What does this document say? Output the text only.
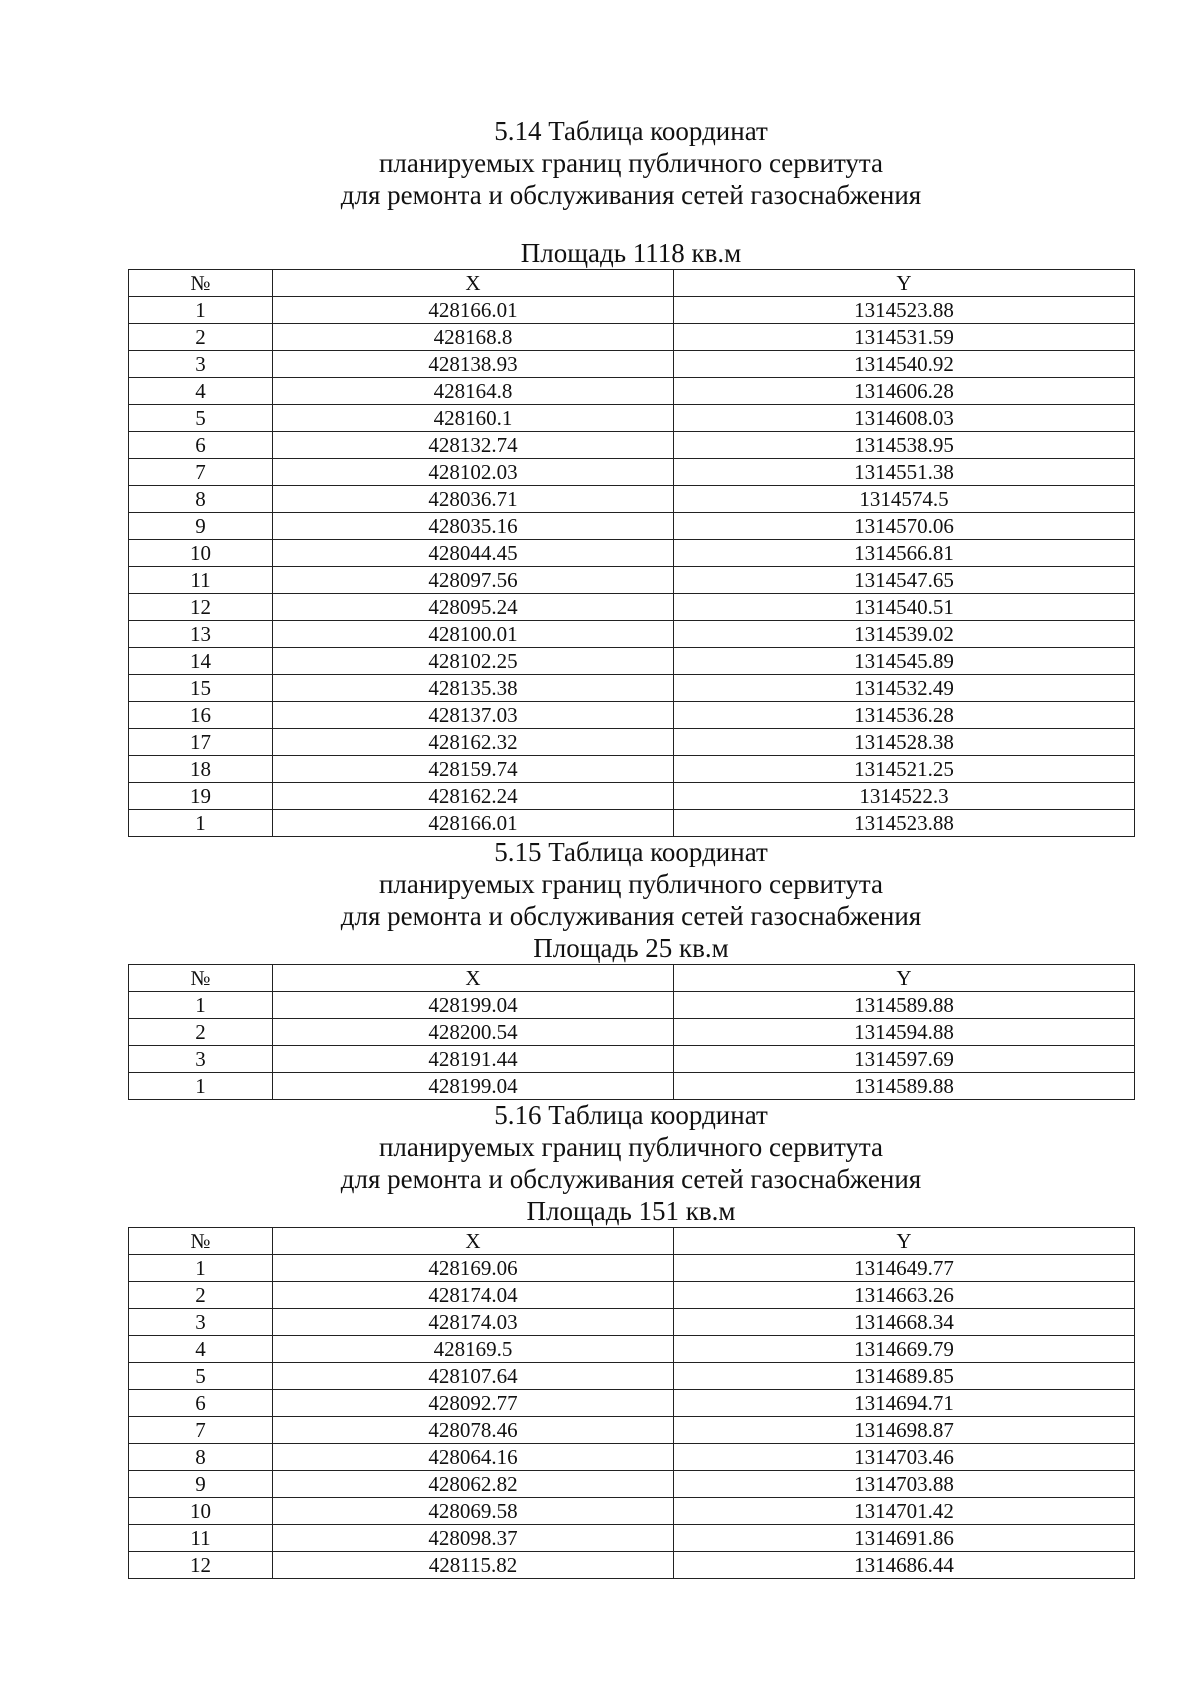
5.14 Таблица координат
планируемых границ публичного сервитута
для ремонта и обслуживания сетей газоснабжения
Площадь 1118 кв.м
№	X	Y
1	428166.01	1314523.88
2	428168.8	1314531.59
3	428138.93	1314540.92
4	428164.8	1314606.28
5	428160.1	1314608.03
6	428132.74	1314538.95
7	428102.03	1314551.38
8	428036.71	1314574.5
9	428035.16	1314570.06
10	428044.45	1314566.81
11	428097.56	1314547.65
12	428095.24	1314540.51
13	428100.01	1314539.02
14	428102.25	1314545.89
15	428135.38	1314532.49
16	428137.03	1314536.28
17	428162.32	1314528.38
18	428159.74	1314521.25
19	428162.24	1314522.3
1	428166.01	1314523.88
5.15 Таблица координат
планируемых границ публичного сервитута
для ремонта и обслуживания сетей газоснабжения
Площадь 25 кв.м
№	X	Y
1	428199.04	1314589.88
2	428200.54	1314594.88
3	428191.44	1314597.69
1	428199.04	1314589.88
5.16 Таблица координат
планируемых границ публичного сервитута
для ремонта и обслуживания сетей газоснабжения
Площадь 151 кв.м
№	X	Y
1	428169.06	1314649.77
2	428174.04	1314663.26
3	428174.03	1314668.34
4	428169.5	1314669.79
5	428107.64	1314689.85
6	428092.77	1314694.71
7	428078.46	1314698.87
8	428064.16	1314703.46
9	428062.82	1314703.88
10	428069.58	1314701.42
11	428098.37	1314691.86
12	428115.82	1314686.44
